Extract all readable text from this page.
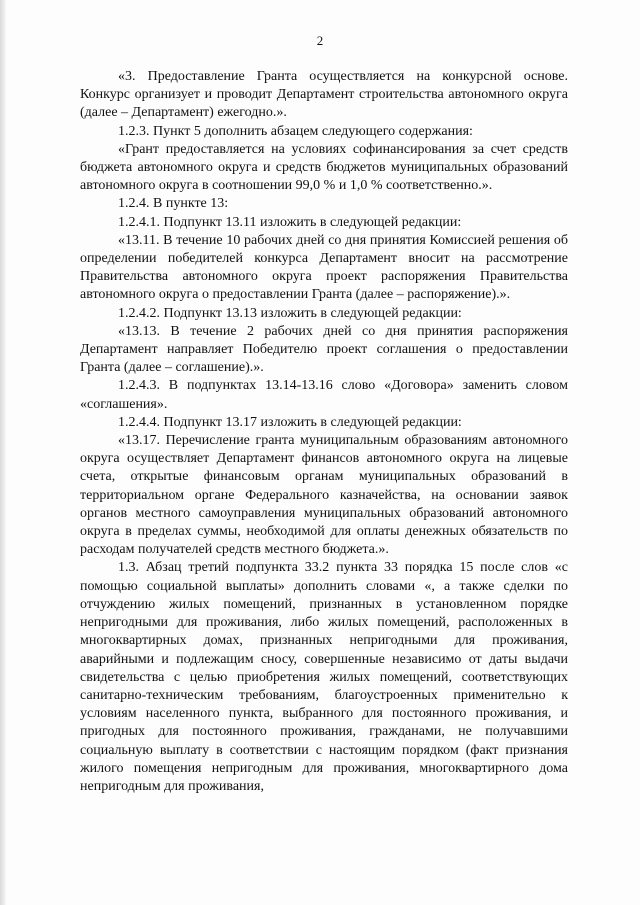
2

«3. Предоставление Гранта осуществляется на конкурсной основе. Конкурс организует и проводит Департамент строительства автономного округа (далее – Департамент) ежегодно.».

1.2.3. Пункт 5 дополнить абзацем следующего содержания:

«Грант предоставляется на условиях софинансирования за счет средств бюджета автономного округа и средств бюджетов муниципальных образований автономного округа в соотношении 99,0 % и 1,0 % соответственно.».

1.2.4. В пункте 13:

1.2.4.1. Подпункт 13.11 изложить в следующей редакции:

«13.11. В течение 10 рабочих дней со дня принятия Комиссией решения об определении победителей конкурса Департамент вносит на рассмотрение Правительства автономного округа проект распоряжения Правительства автономного округа о предоставлении Гранта (далее – распоряжение).».

1.2.4.2. Подпункт 13.13 изложить в следующей редакции:

«13.13. В течение 2 рабочих дней со дня принятия распоряжения Департамент направляет Победителю проект соглашения о предоставлении Гранта (далее – соглашение).».

1.2.4.3. В подпунктах 13.14-13.16 слово «Договора» заменить словом «соглашения».

1.2.4.4. Подпункт 13.17 изложить в следующей редакции:

«13.17. Перечисление гранта муниципальным образованиям автономного округа осуществляет Департамент финансов автономного округа на лицевые счета, открытые финансовым органам муниципальных образований в территориальном органе Федерального казначейства, на основании заявок органов местного самоуправления муниципальных образований автономного округа в пределах суммы, необходимой для оплаты денежных обязательств по расходам получателей средств местного бюджета.».

1.3. Абзац третий подпункта 33.2 пункта 33 порядка 15 после слов «с помощью социальной выплаты» дополнить словами «, а также сделки по отчуждению жилых помещений, признанных в установленном порядке непригодными для проживания, либо жилых помещений, расположенных в многоквартирных домах, признанных непригодными для проживания, аварийными и подлежащим сносу, совершенные независимо от даты выдачи свидетельства с целью приобретения жилых помещений, соответствующих санитарно-техническим требованиям, благоустроенных применительно к условиям населенного пункта, выбранного для постоянного проживания, и пригодных для постоянного проживания, гражданами, не получавшими социальную выплату в соответствии с настоящим порядком (факт признания жилого помещения непригодным для проживания, многоквартирного дома непригодным для проживания,
